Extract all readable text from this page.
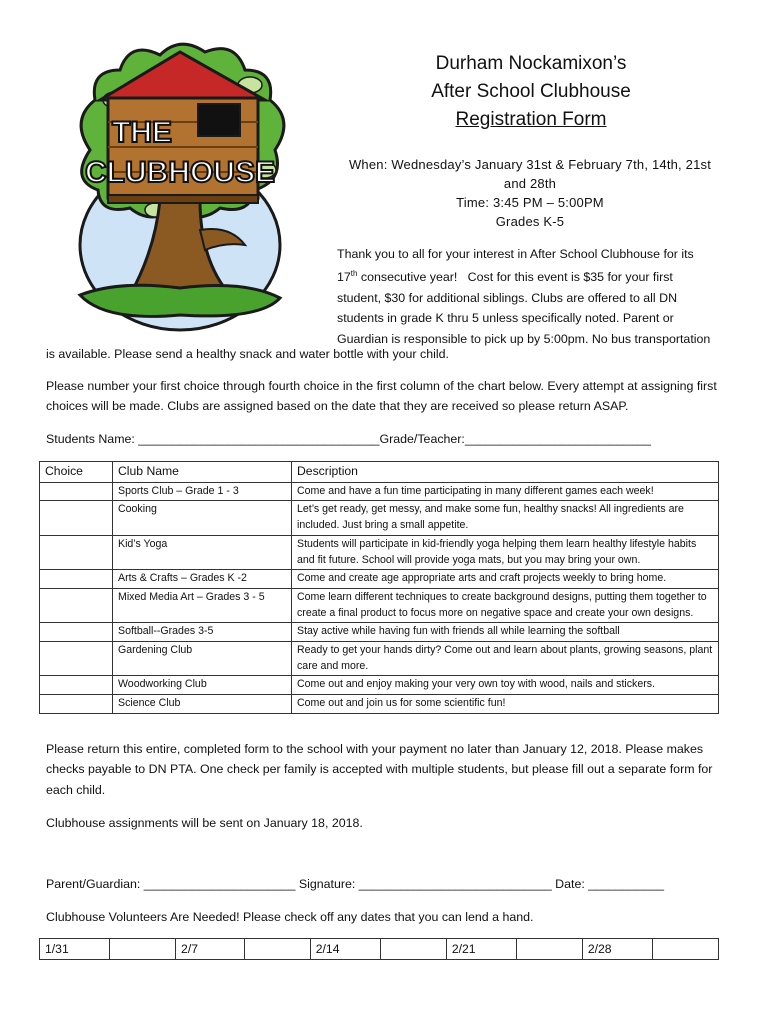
THE
CLUBHOUSE
Durham Nockamixon’s
After School Clubhouse
Registration Form
When: Wednesday’s January 31st & February 7th, 14th, 21st
and 28th
Time: 3:45 PM – 5:00PM
Grades K-5
Thank you to all for your interest in After School Clubhouse for its
17th consecutive year!   Cost for this event is $35 for your first
student, $30 for additional siblings. Clubs are offered to all DN
students in grade K thru 5 unless specifically noted. Parent or
Guardian is responsible to pick up by 5:00pm. No bus transportation
is available. Please send a healthy snack and water bottle with your child.
Please number your first choice through fourth choice in the first column of the chart below. Every attempt at assigning first choices will be made. Clubs are assigned based on the date that they are received so please return ASAP.
Students Name: ___________________________________Grade/Teacher:___________________________
Choice	Club Name	Description
	Sports Club – Grade 1 - 3	Come and have a fun time participating in many different games each week!
	Cooking	Let’s get ready, get messy, and make some fun, healthy snacks! All ingredients are included. Just bring a small appetite.
	Kid’s Yoga	Students will participate in kid-friendly yoga helping them learn healthy lifestyle habits and fit future. School will provide yoga mats, but you may bring your own.
	Arts & Crafts – Grades K -2	Come and create age appropriate arts and craft projects weekly to bring home.
	Mixed Media Art – Grades 3 - 5	Come learn different techniques to create background designs, putting them together to create a final product to focus more on negative space and create your own designs.
	Softball--Grades 3-5	Stay active while having fun with friends all while learning the softball
	Gardening Club	Ready to get your hands dirty? Come out and learn about plants, growing seasons, plant care and more.
	Woodworking Club	Come out and enjoy making your very own toy with wood, nails and stickers.
	Science Club	Come out and join us for some scientific fun!
Please return this entire, completed form to the school with your payment no later than January 12, 2018. Please makes checks payable to DN PTA. One check per family is accepted with multiple students, but please fill out a separate form for each child.
Clubhouse assignments will be sent on January 18, 2018.
Parent/Guardian: ______________________ Signature: ____________________________ Date: ___________
Clubhouse Volunteers Are Needed! Please check off any dates that you can lend a hand.
1/31		2/7		2/14		2/21		2/28	
